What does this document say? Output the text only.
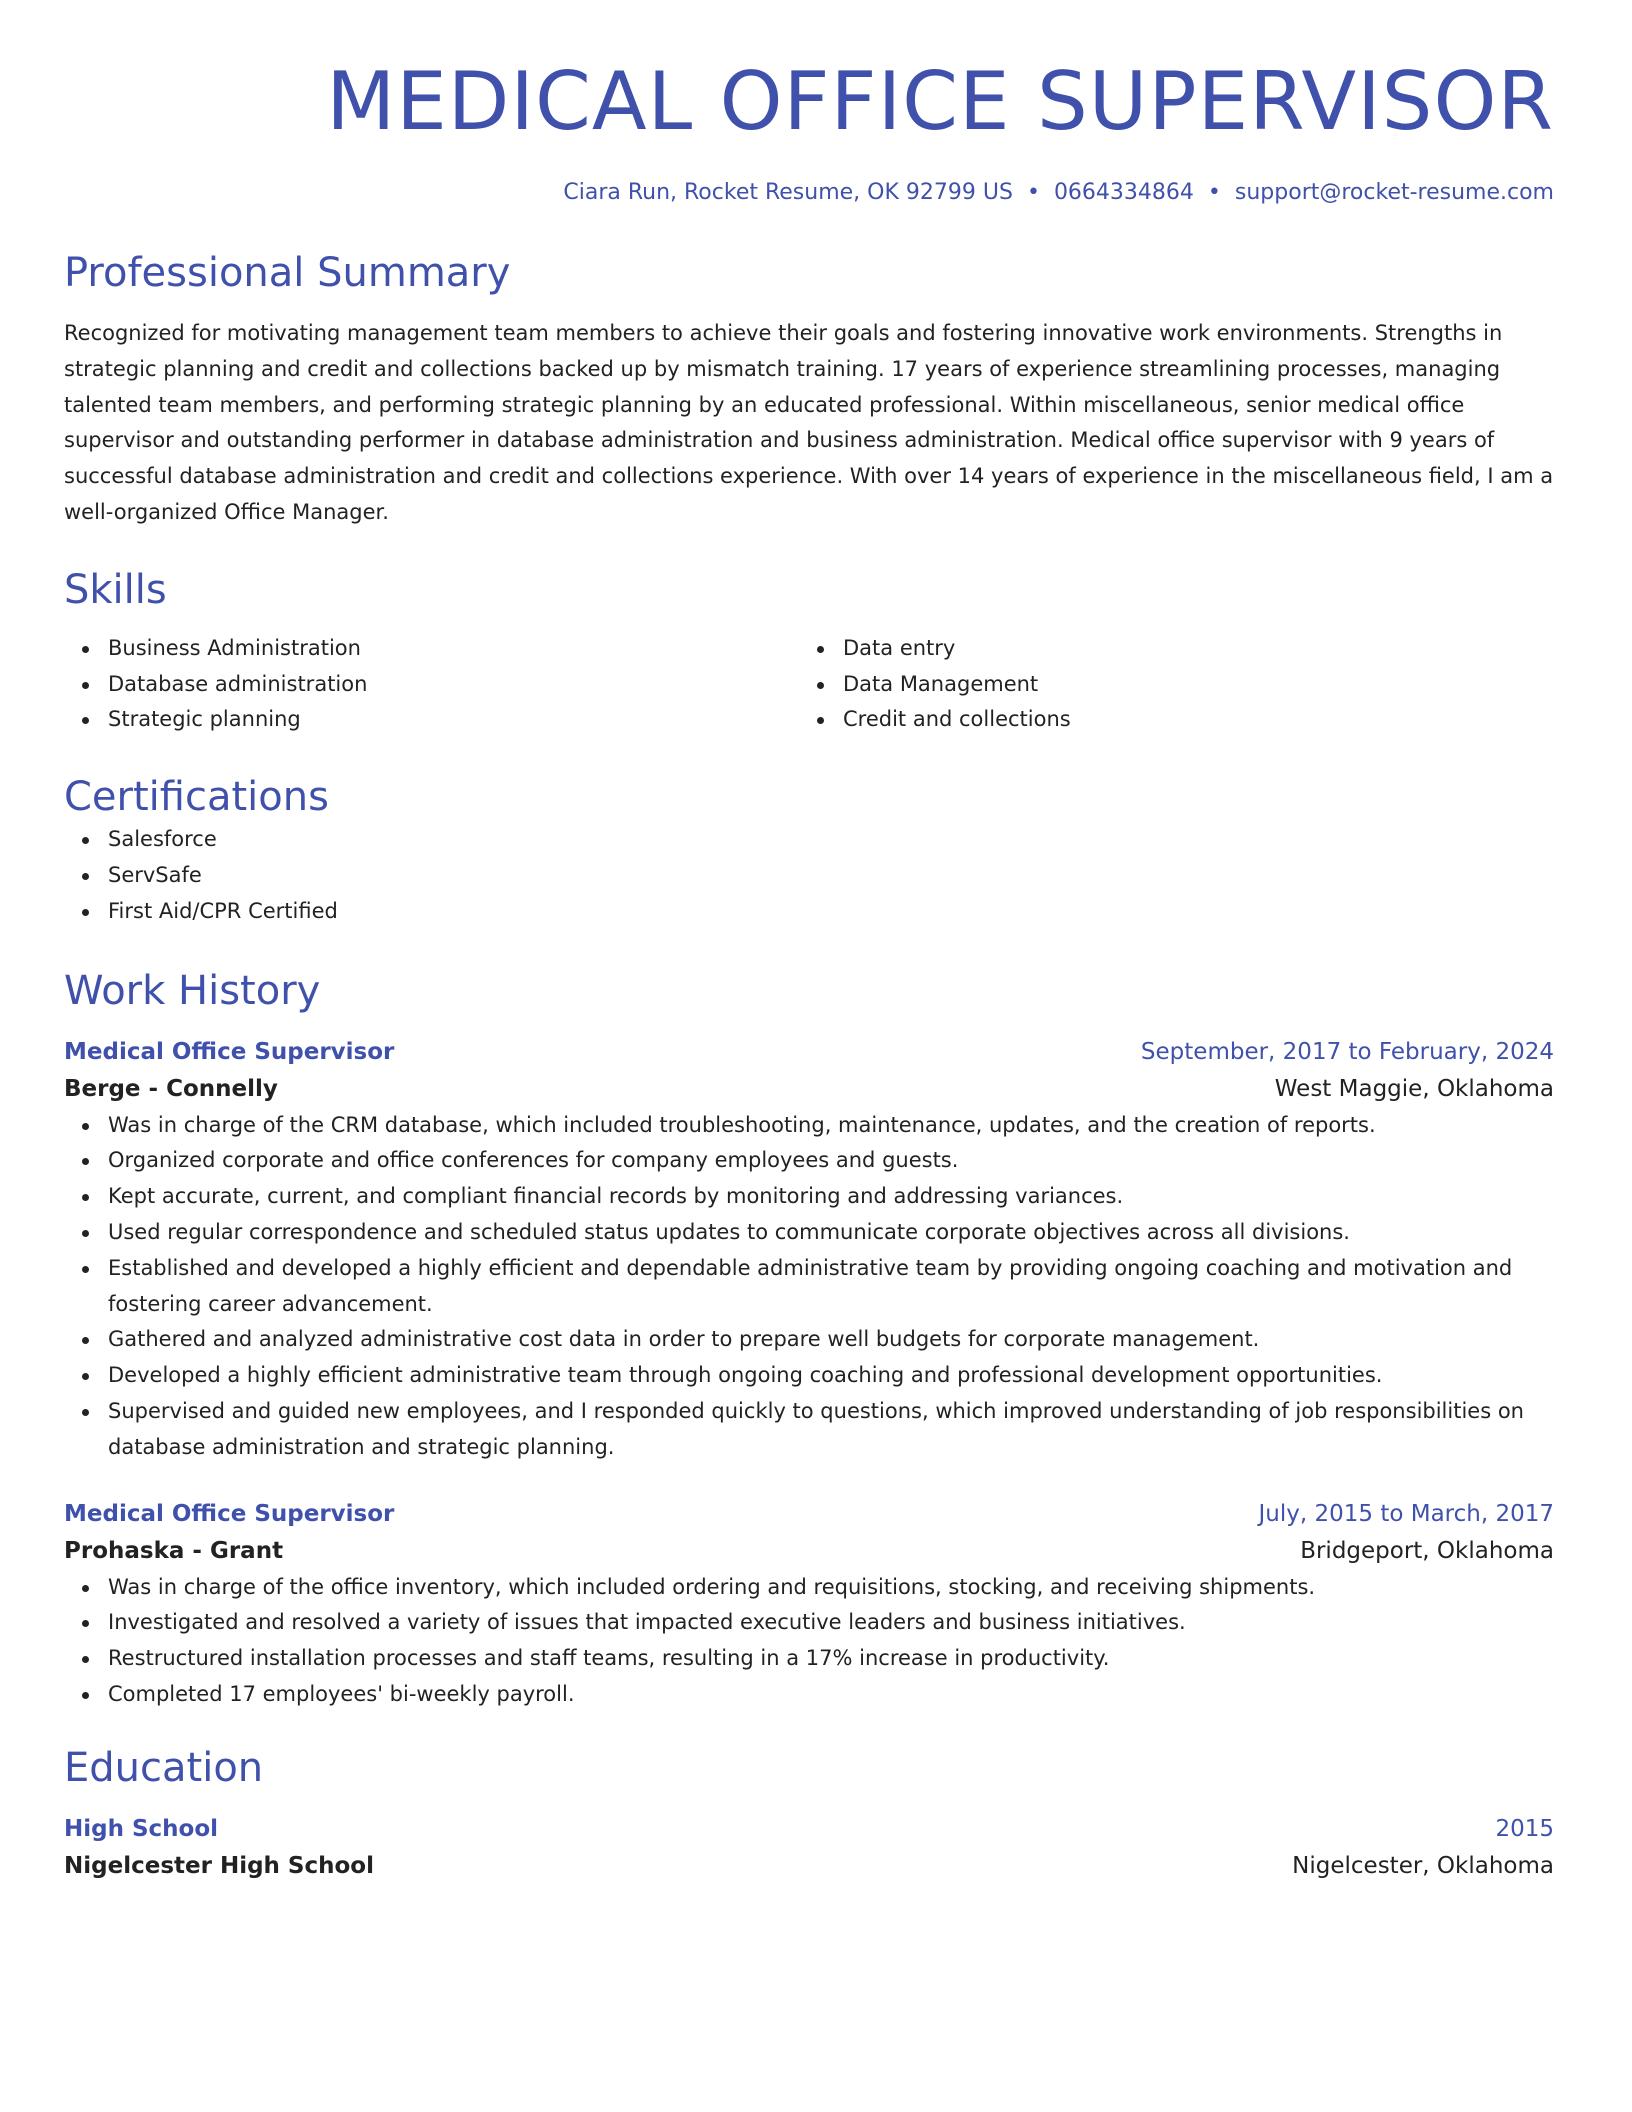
MEDICAL OFFICE SUPERVISOR
Ciara Run, Rocket Resume, OK 92799 US • 0664334864 • support@rocket-resume.com
Professional Summary
Recognized for motivating management team members to achieve their goals and fostering innovative work environments. Strengths in strategic planning and credit and collections backed up by mismatch training. 17 years of experience streamlining processes, managing talented team members, and performing strategic planning by an educated professional. Within miscellaneous, senior medical office supervisor and outstanding performer in database administration and business administration. Medical office supervisor with 9 years of successful database administration and credit and collections experience. With over 14 years of experience in the miscellaneous field, I am a well-organized Office Manager.
Skills
Business Administration
Database administration
Strategic planning
Data entry
Data Management
Credit and collections
Certifications
Salesforce
ServSafe
First Aid/CPR Certified
Work History
Medical Office Supervisor	September, 2017 to February, 2024
Berge - Connelly	West Maggie, Oklahoma
Was in charge of the CRM database, which included troubleshooting, maintenance, updates, and the creation of reports.
Organized corporate and office conferences for company employees and guests.
Kept accurate, current, and compliant financial records by monitoring and addressing variances.
Used regular correspondence and scheduled status updates to communicate corporate objectives across all divisions.
Established and developed a highly efficient and dependable administrative team by providing ongoing coaching and motivation and fostering career advancement.
Gathered and analyzed administrative cost data in order to prepare well budgets for corporate management.
Developed a highly efficient administrative team through ongoing coaching and professional development opportunities.
Supervised and guided new employees, and I responded quickly to questions, which improved understanding of job responsibilities on database administration and strategic planning.
Medical Office Supervisor	July, 2015 to March, 2017
Prohaska - Grant	Bridgeport, Oklahoma
Was in charge of the office inventory, which included ordering and requisitions, stocking, and receiving shipments.
Investigated and resolved a variety of issues that impacted executive leaders and business initiatives.
Restructured installation processes and staff teams, resulting in a 17% increase in productivity.
Completed 17 employees' bi-weekly payroll.
Education
High School	2015
Nigelcester High School	Nigelcester, Oklahoma
